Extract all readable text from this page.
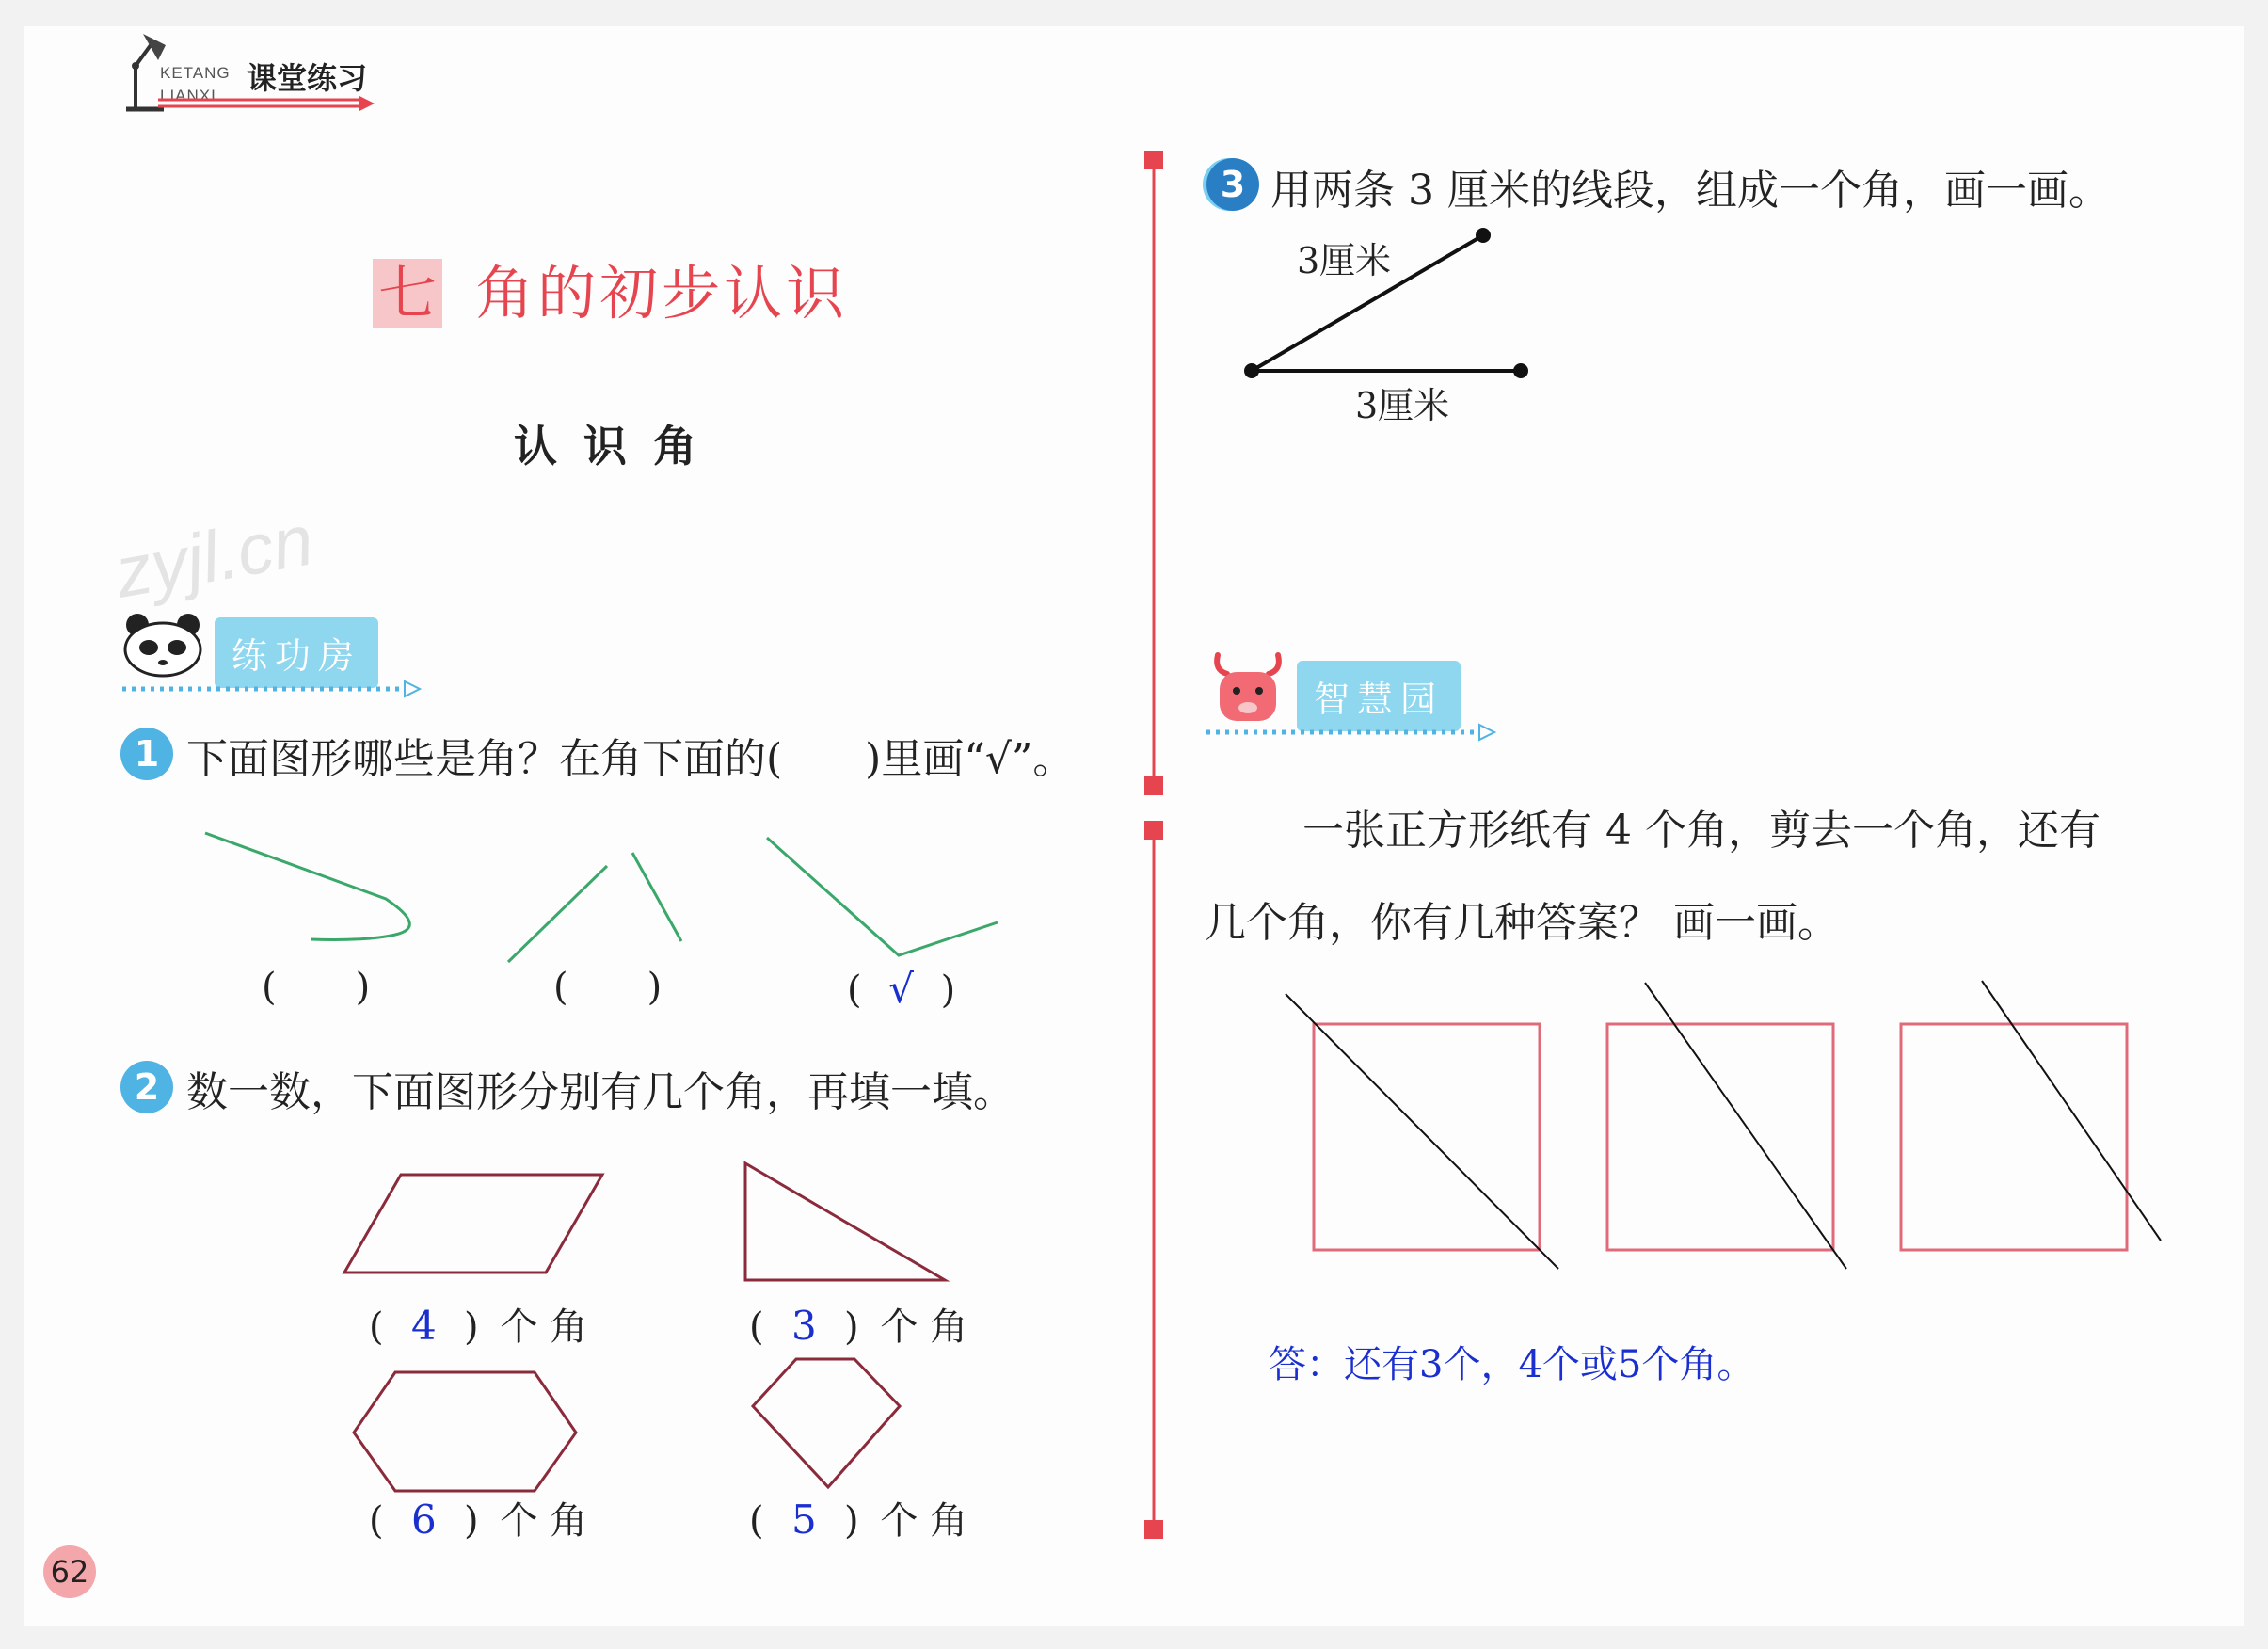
KETANG
LIANXI 课堂练习
七 角的初步认识
认识角
zyjl.cn
练功房
1 下面图形哪些是角？在角下面的(　　)里画“√”。
( )	( )	( √ )
2 数一数，下面图形分别有几个角，再填一填。
( 4 ) 个 角	( 3 ) 个 角
( 6 ) 个 角	( 5 ) 个 角
62
3 用两条 3 厘米的线段，组成一个角，画一画。
3厘米
3厘米
智慧园
一张正方形纸有 4 个角，剪去一个角，还有
几个角，你有几种答案？ 画一画。
答：还有3个，4个或5个角。
